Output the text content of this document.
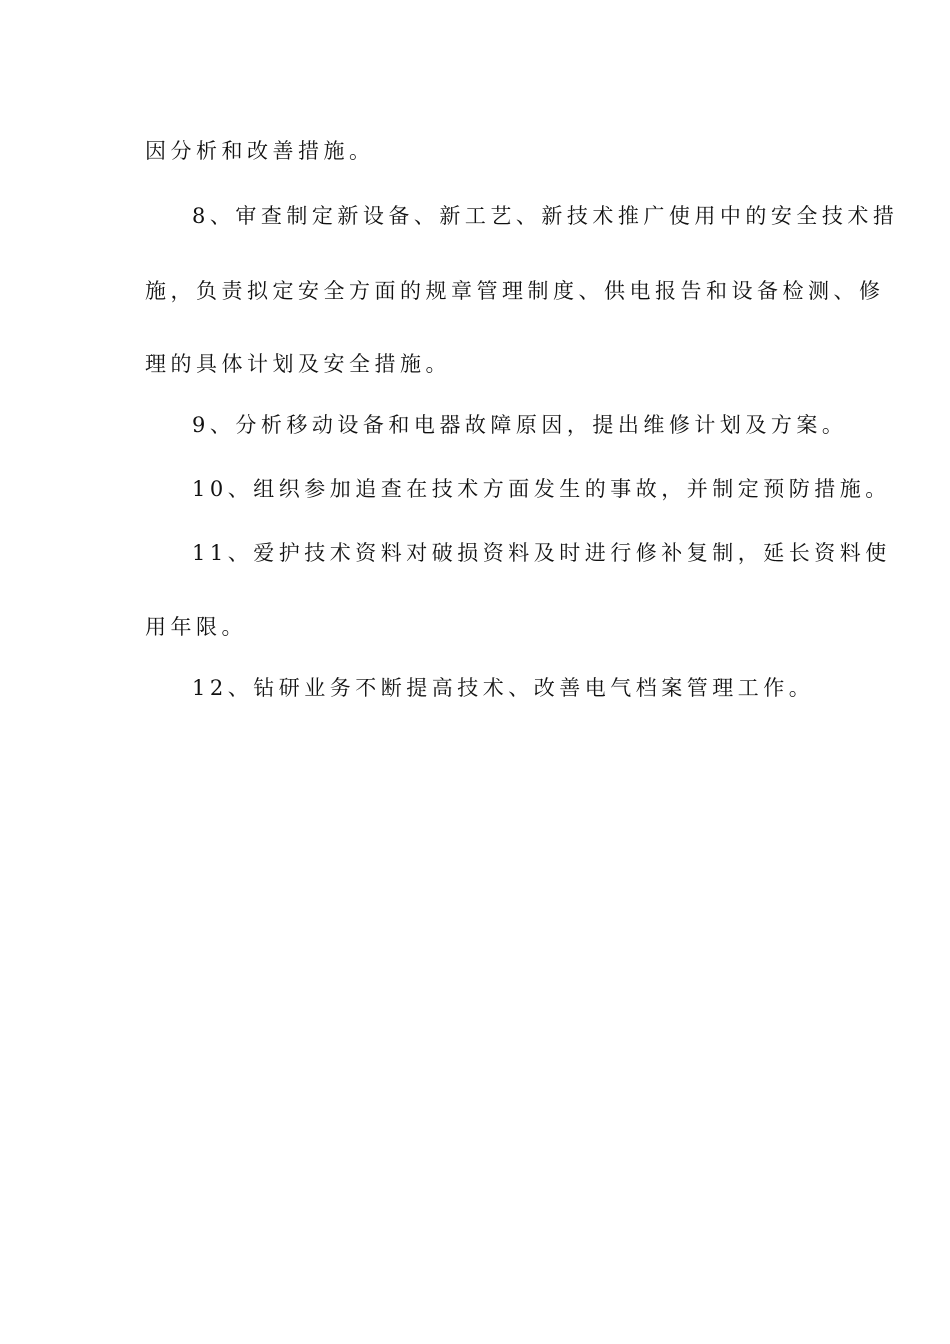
因分析和改善措施。
8、审查制定新设备、新工艺、新技术推广使用中的安全技术措
施，负责拟定安全方面的规章管理制度、供电报告和设备检测、修
理的具体计划及安全措施。
9、分析移动设备和电器故障原因，提出维修计划及方案。
10、组织参加追查在技术方面发生的事故，并制定预防措施。
11、爱护技术资料对破损资料及时进行修补复制，延长资料使
用年限。
12、钻研业务不断提高技术、改善电气档案管理工作。
